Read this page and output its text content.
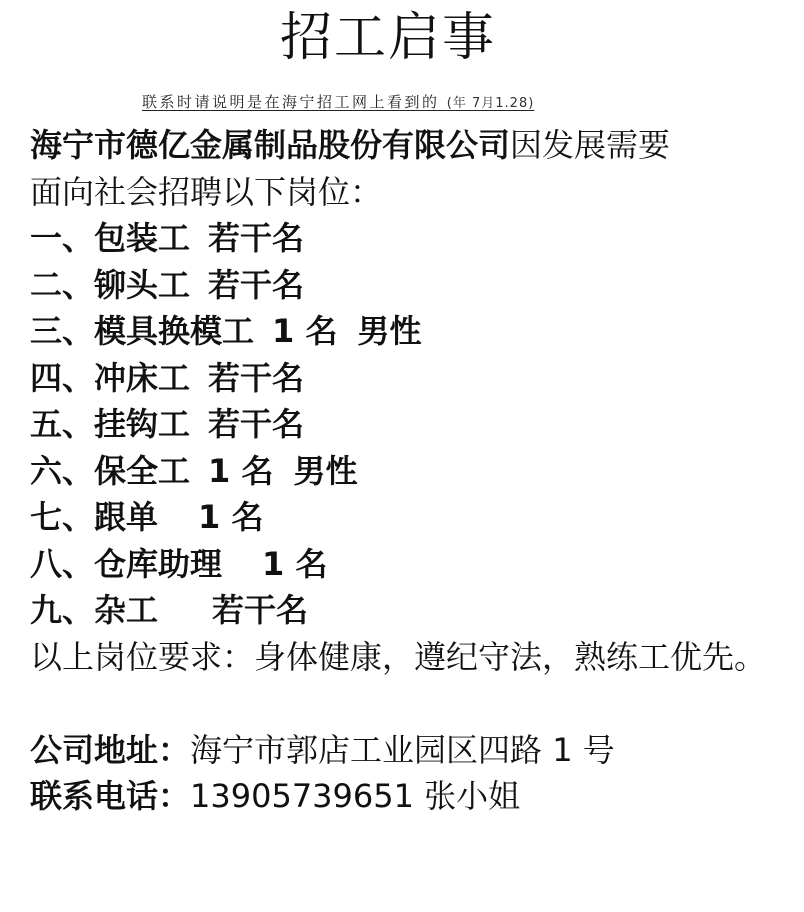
招工启事
联系时请说明是在海宁招工网上看到的 (年 7月1.28)
海宁市德亿金属制品股份有限公司因发展需要
面向社会招聘以下岗位：
一、包装工 若干名
二、铆头工 若干名
三、模具换模工 1 名 男性
四、冲床工 若干名
五、挂钩工 若干名
六、保全工 1 名 男性
七、跟单 1 名
八、仓库助理 1 名
九、杂工 若干名
以上岗位要求：身体健康，遵纪守法，熟练工优先。
公司地址：海宁市郭店工业园区四路 1 号
联系电话：13905739651 张小姐
